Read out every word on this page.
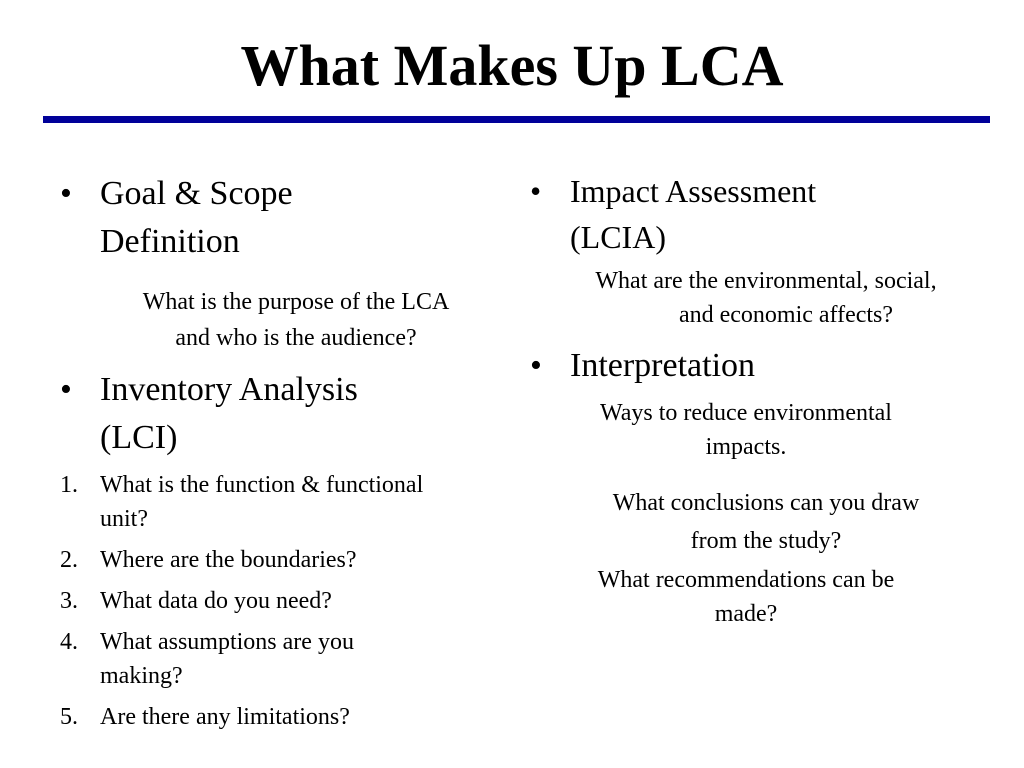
What Makes Up LCA
• Goal & Scope
Definition
What is the purpose of the LCA
and who is the audience?
• Inventory Analysis
(LCI)
1. What is the function & functional
unit?
2. Where are the boundaries?
3. What data do you need?
4. What assumptions are you
making?
5. Are there any limitations?
• Impact Assessment
(LCIA)
What are the environmental, social,
and economic affects?
• Interpretation
Ways to reduce environmental
impacts.
What conclusions can you draw
from the study?
What recommendations can be
made?
